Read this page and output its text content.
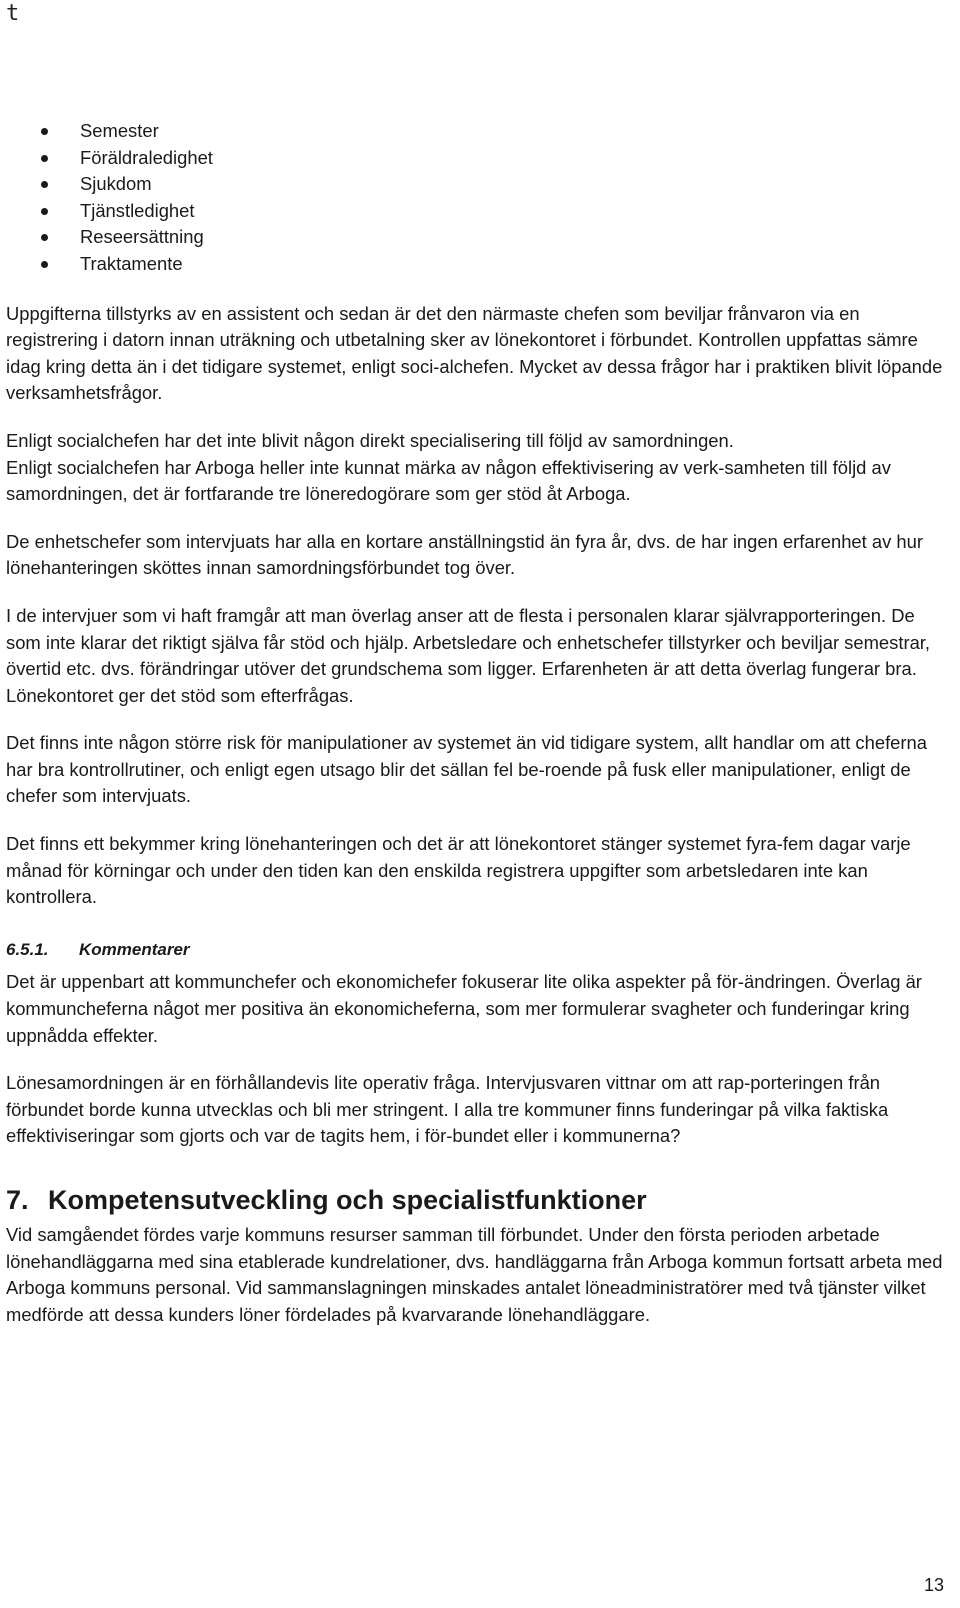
t
Semester
Föräldraledighet
Sjukdom
Tjänstledighet
Reseersättning
Traktamente

Uppgifterna tillstyrks av en assistent och sedan är det den närmaste chefen som beviljar frånvaron via en registrering i datorn innan uträkning och utbetalning sker av lönekontoret i förbundet. Kontrollen uppfattas sämre idag kring detta än i det tidigare systemet, enligt soci-alchefen. Mycket av dessa frågor har i praktiken blivit löpande verksamhetsfrågor.

Enligt socialchefen har det inte blivit någon direkt specialisering till följd av samordningen.

Enligt socialchefen har Arboga heller inte kunnat märka av någon effektivisering av verk-samheten till följd av samordningen, det är fortfarande tre löneredogörare som ger stöd åt Arboga.

De enhetschefer som intervjuats har alla en kortare anställningstid än fyra år, dvs. de har ingen erfarenhet av hur lönehanteringen sköttes innan samordningsförbundet tog över.

I de intervjuer som vi haft framgår att man överlag anser att de flesta i personalen klarar självrapporteringen. De som inte klarar det riktigt själva får stöd och hjälp. Arbetsledare och enhetschefer tillstyrker och beviljar semestrar, övertid etc. dvs. förändringar utöver det grundschema som ligger. Erfarenheten är att detta överlag fungerar bra. Lönekontoret ger det stöd som efterfrågas.

Det finns inte någon större risk för manipulationer av systemet än vid tidigare system, allt handlar om att cheferna har bra kontrollrutiner, och enligt egen utsago blir det sällan fel be-roende på fusk eller manipulationer, enligt de chefer som intervjuats.

Det finns ett bekymmer kring lönehanteringen och det är att lönekontoret stänger systemet fyra-fem dagar varje månad för körningar och under den tiden kan den enskilda registrera uppgifter som arbetsledaren inte kan kontrollera.

6.5.1.	Kommentarer

Det är uppenbart att kommunchefer och ekonomichefer fokuserar lite olika aspekter på för-ändringen. Överlag är kommuncheferna något mer positiva än ekonomicheferna, som mer formulerar svagheter och funderingar kring uppnådda effekter.

Lönesamordningen är en förhållandevis lite operativ fråga. Intervjusvaren vittnar om att rap-porteringen från förbundet borde kunna utvecklas och bli mer stringent. I alla tre kommuner finns funderingar på vilka faktiska effektiviseringar som gjorts och var de tagits hem, i för-bundet eller i kommunerna?

7. Kompetensutveckling och specialistfunktioner

Vid samgåendet fördes varje kommuns resurser samman till förbundet. Under den första perioden arbetade lönehandläggarna med sina etablerade kundrelationer, dvs. handläggarna från Arboga kommun fortsatt arbeta med Arboga kommuns personal. Vid sammanslagningen minskades antalet löneadministratörer med två tjänster vilket medförde att dessa kunders löner fördelades på kvarvarande lönehandläggare.

13
